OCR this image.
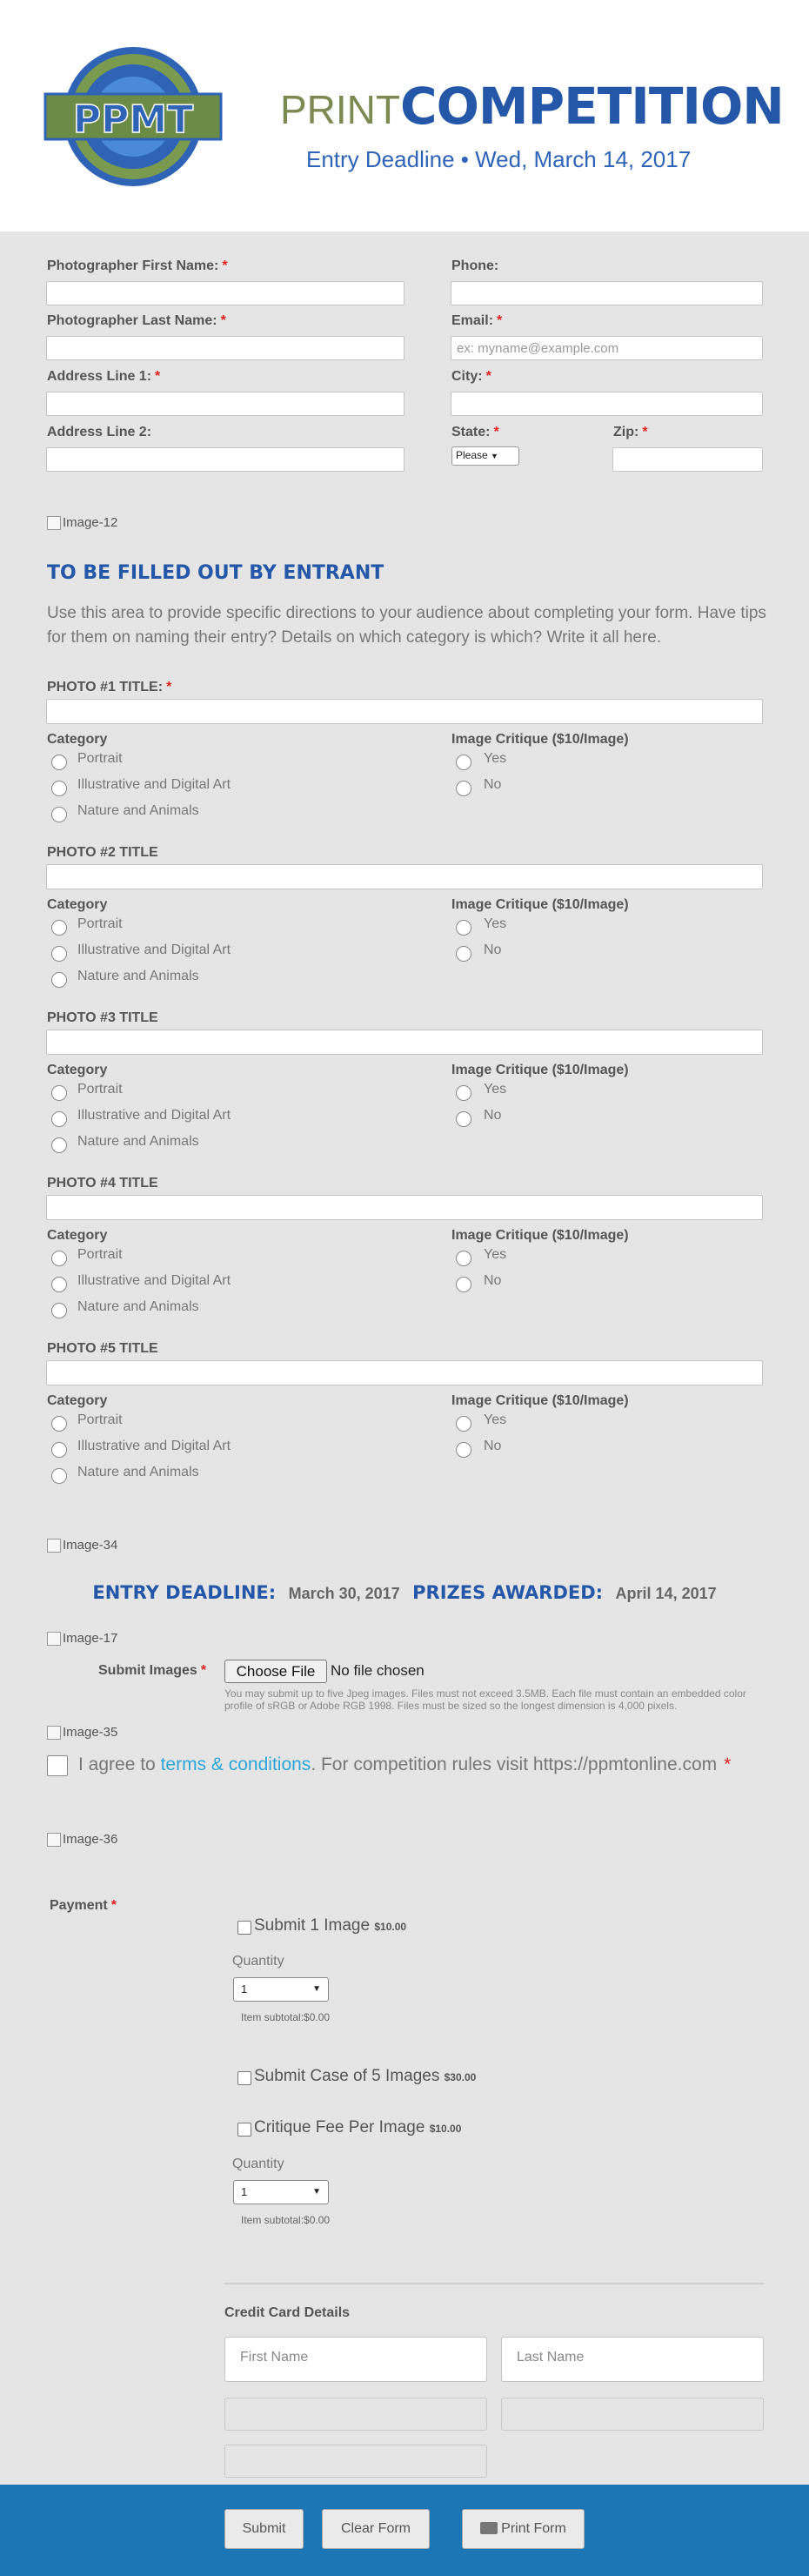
PPMT PRINTCOMPETITION
Entry Deadline • Wed, March 14, 2017
Photographer First Name: *
Photographer Last Name: *
Address Line 1: *
Address Line 2:
Phone:
Email: *
ex: myname@example.com
City: *
State: *
Please ▼
Zip: *
Image-12
TO BE FILLED OUT BY ENTRANT
Use this area to provide specific directions to your audience about completing your form. Have tips for them on naming their entry? Details on which category is which? Write it all here.
PHOTO #1 TITLE: *
Category	Image Critique ($10/Image)
Portrait
Illustrative and Digital Art
Nature and Animals
Yes
No
PHOTO #2 TITLE
Category	Image Critique ($10/Image)
Portrait
Illustrative and Digital Art
Nature and Animals
Yes
No
PHOTO #3 TITLE
Category	Image Critique ($10/Image)
Portrait
Illustrative and Digital Art
Nature and Animals
Yes
No
PHOTO #4 TITLE
Category	Image Critique ($10/Image)
Portrait
Illustrative and Digital Art
Nature and Animals
Yes
No
PHOTO #5 TITLE
Category	Image Critique ($10/Image)
Portrait
Illustrative and Digital Art
Nature and Animals
Yes
No
Image-34
ENTRY DEADLINE: March 30, 2017 PRIZES AWARDED: April 14, 2017
Image-17
Submit Images *	Choose File	No file chosen
You may submit up to five Jpeg images. Files must not exceed 3.5MB. Each file must contain an embedded color profile of sRGB or Adobe RGB 1998. Files must be sized so the longest dimension is 4,000 pixels.
Image-35
I agree to terms & conditions. For competition rules visit https://ppmtonline.com *
Image-36
Payment *
Submit 1 Image $10.00
Quantity
1	▼
Item subtotal:$0.00
Submit Case of 5 Images $30.00
Critique Fee Per Image $10.00
Quantity
1	▼
Item subtotal:$0.00
Credit Card Details
First Name	Last Name
Submit	Clear Form	Print Form
